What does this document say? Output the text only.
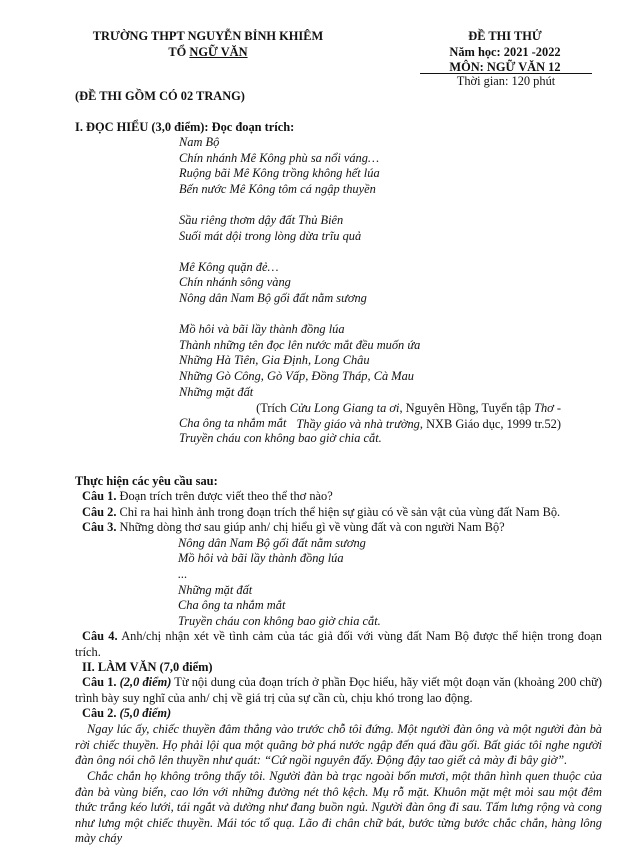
TRƯỜNG THPT NGUYỄN BỈNH KHIÊM
TỔ NGỮ VĂN
ĐỀ THI THỬ
Năm học: 2021 -2022
MÔN: NGỮ VĂN 12
Thời gian: 120 phút
(ĐỀ THI GỒM CÓ 02 TRANG)
I. ĐỌC HIỂU (3,0 điểm): Đọc đoạn trích:
Nam Bộ
Chín nhánh Mê Kông phù sa nổi váng…
Ruộng bãi Mê Kông trồng không hết lúa
Bến nước Mê Kông tôm cá ngập thuyền
Sầu riêng thơm dậy đất Thủ Biên
Suối mát dội trong lòng dừa trĩu quả
Mê Kông quặn đẻ…
Chín nhánh sông vàng
Nông dân Nam Bộ gối đất nằm sương
Mồ hôi và bãi lầy thành đồng lúa
Thành những tên đọc lên nước mắt đều muốn ứa
Những Hà Tiên, Gia Định, Long Châu
Những Gò Công, Gò Vấp, Đồng Tháp, Cà Mau
Những mặt đất
Cha ông ta nhắm mắt
Truyền cháu con không bao giờ chia cắt.
(Trích Cửu Long Giang ta ơi, Nguyên Hồng, Tuyển tập Thơ -
Thầy giáo và nhà trường, NXB Giáo dục, 1999 tr.52)
Thực hiện các yêu cầu sau:
Câu 1. Đoạn trích trên được viết theo thể thơ nào?
Câu 2. Chỉ ra hai hình ảnh trong đoạn trích thể hiện sự giàu có về sản vật của vùng đất Nam Bộ.
Câu 3. Những dòng thơ sau giúp anh/ chị hiểu gì về vùng đất và con người Nam Bộ?
Nông dân Nam Bộ gối đất nằm sương
Mồ hôi và bãi lầy thành đồng lúa
...
Những mặt đất
Cha ông ta nhắm mắt
Truyền cháu con không bao giờ chia cắt.
Câu 4. Anh/chị nhận xét về tình cảm của tác giả đối với vùng đất Nam Bộ được thể hiện trong đoạn trích.
II. LÀM VĂN (7,0 điểm)
Câu 1. (2,0 điểm) Từ nội dung của đoạn trích ở phần Đọc hiểu, hãy viết một đoạn văn (khoảng 200 chữ) trình bày suy nghĩ của anh/ chị về giá trị của sự cần cù, chịu khó trong lao động.
Câu 2. (5,0 điểm)
Ngay lúc ấy, chiếc thuyền đâm thẳng vào trước chỗ tôi đứng. Một người đàn ông và một người đàn bà rời chiếc thuyền. Họ phải lội qua một quãng bờ phá nước ngập đến quá đầu gối. Bất giác tôi nghe người đàn ông nói chõ lên thuyền như quát: “Cứ ngồi nguyên đấy. Động đậy tao giết cả mày đi bây giờ”.
Chắc chắn họ không trông thấy tôi. Người đàn bà trạc ngoài bốn mươi, một thân hình quen thuộc của đàn bà vùng biển, cao lớn với những đường nét thô kệch. Mụ rỗ mặt. Khuôn mặt mệt mỏi sau một đêm thức trắng kéo lưới, tái ngắt và dường như đang buồn ngủ. Người đàn ông đi sau. Tấm lưng rộng và cong như lưng một chiếc thuyền. Mái tóc tổ quạ. Lão đi chân chữ bát, bước từng bước chắc chắn, hàng lông mày cháy
